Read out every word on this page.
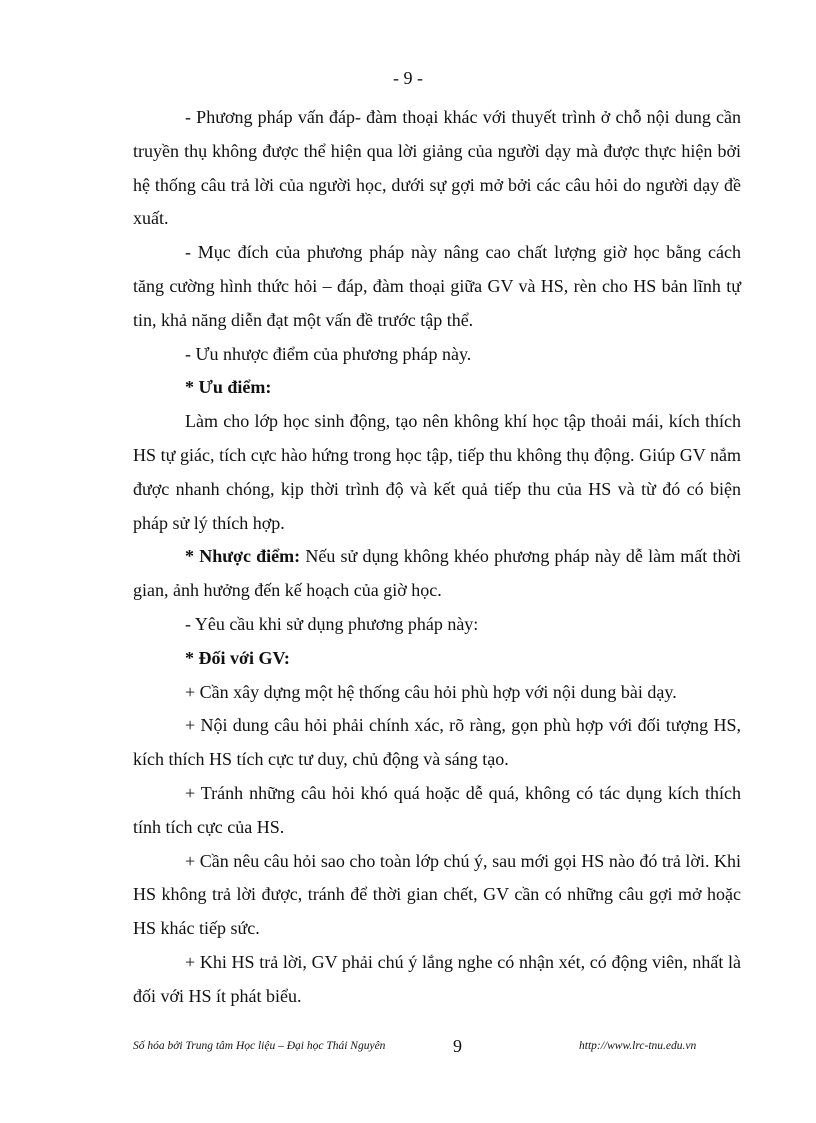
- 9 -

- Phương pháp vấn đáp- đàm thoại khác với thuyết trình ở chỗ nội dung cần truyền thụ không được thể hiện qua lời giảng của người dạy mà được thực hiện bởi hệ thống câu trả lời của người học, dưới sự gợi mở bởi các câu hỏi do người dạy đề xuất.

- Mục đích của phương pháp này nâng cao chất lượng giờ học bằng cách tăng cường hình thức hỏi – đáp, đàm thoại giữa GV và HS, rèn cho HS bản lĩnh tự tin, khả năng diễn đạt một vấn đề trước tập thể.

- Ưu nhược điểm của phương pháp này.

* Ưu điểm:

Làm cho lớp học sinh động, tạo nên không khí học tập thoải mái, kích thích HS tự giác, tích cực hào hứng trong học tập, tiếp thu không thụ động. Giúp GV nắm được nhanh chóng, kịp thời trình độ và kết quả tiếp thu của HS và từ đó có biện pháp sử lý thích hợp.

* Nhược điểm: Nếu sử dụng không khéo phương pháp này dễ làm mất thời gian, ảnh hưởng đến kế hoạch của giờ học.

- Yêu cầu khi sử dụng phương pháp này:

* Đối với GV:

+ Cần xây dựng một hệ thống câu hỏi phù hợp với nội dung bài dạy.

+ Nội dung câu hỏi phải chính xác, rõ ràng, gọn phù hợp với đối tượng HS, kích thích HS tích cực tư duy, chủ động và sáng tạo.

+ Tránh những câu hỏi khó quá hoặc dễ quá, không có tác dụng kích thích tính tích cực của HS.

+ Cần nêu câu hỏi sao cho toàn lớp chú ý, sau mới gọi HS nào đó trả lời. Khi HS không trả lời được, tránh để thời gian chết, GV cần có những câu gợi mở hoặc HS khác tiếp sức.

+ Khi HS trả lời, GV phải chú ý lắng nghe có nhận xét, có động viên, nhất là đối với HS ít phát biểu.

Số hóa bởi Trung tâm Học liệu – Đại học Thái Nguyên	9	http://www.lrc-tnu.edu.vn
